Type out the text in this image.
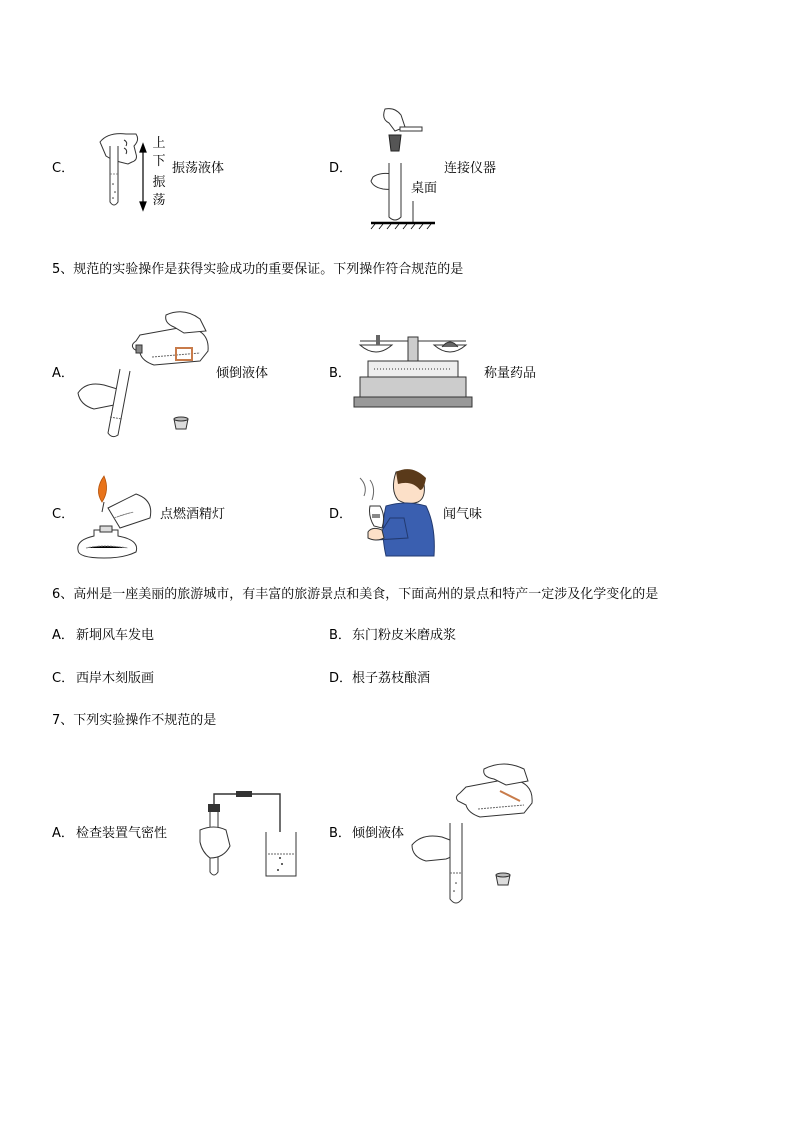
C．
上
下
振
荡
振荡液体	D．	连接仪器
桌面
5、规范的实验操作是获得实验成功的重要保证。下列操作符合规范的是
A．	倾倒液体	B．	称量药品
C．	点燃酒精灯	D．	闻气味
6、高州是一座美丽的旅游城市，有丰富的旅游景点和美食，下面高州的景点和特产一定涉及化学变化的是
A． 新垌风车发电	B． 东门粉皮米磨成浆
C． 西岸木刻版画	D． 根子荔枝酿酒
7、下列实验操作不规范的是
A． 检查装置气密性	B． 倾倒液体
